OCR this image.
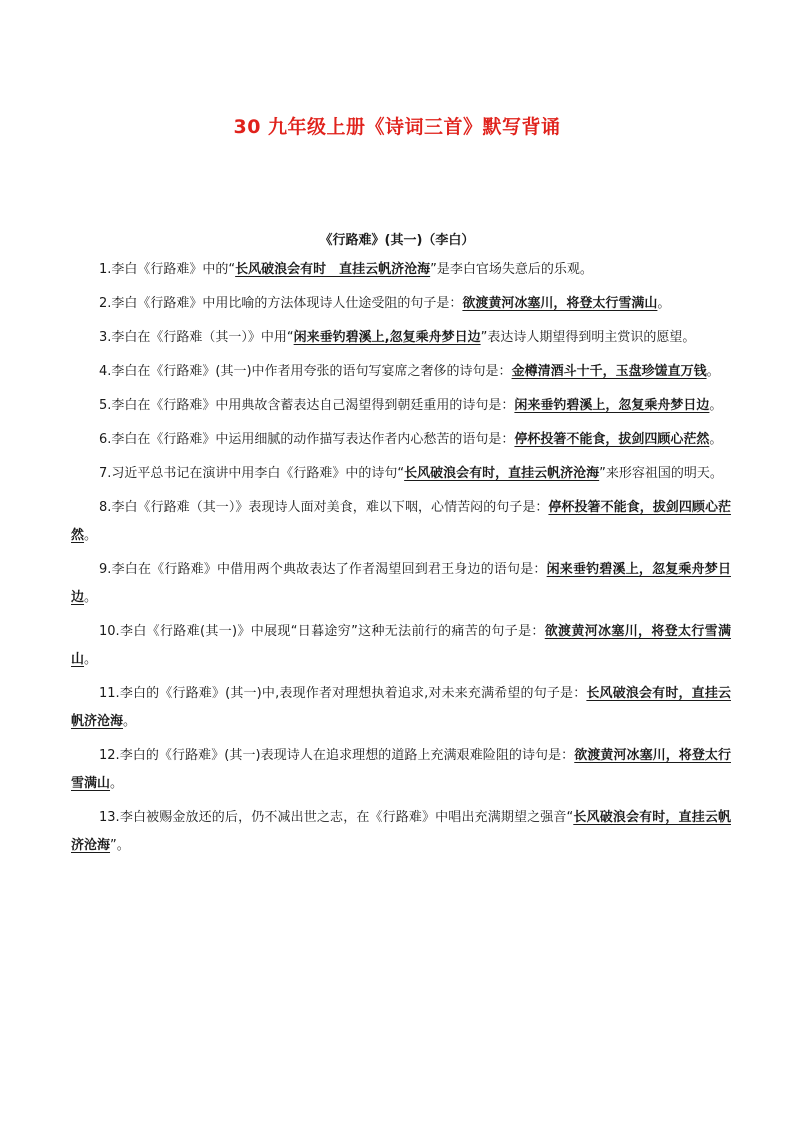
30 九年级上册《诗词三首》默写背诵
《行路难》(其一)（李白）
1.李白《行路难》中的“长风破浪会有时　直挂云帆济沧海”是李白官场失意后的乐观。
2.李白《行路难》中用比喻的方法体现诗人仕途受阻的句子是：欲渡黄河冰塞川，将登太行雪满山。
3.李白在《行路难（其一）》中用“闲来垂钓碧溪上,忽复乘舟梦日边”表达诗人期望得到明主赏识的愿望。
4.李白在《行路难》(其一)中作者用夸张的语句写宴席之奢侈的诗句是：金樽清酒斗十千，玉盘珍馐直万钱。
5.李白在《行路难》中用典故含蓄表达自己渴望得到朝廷重用的诗句是：闲来垂钓碧溪上，忽复乘舟梦日边。
6.李白在《行路难》中运用细腻的动作描写表达作者内心愁苦的语句是：停杯投箸不能食，拔剑四顾心茫然。
7.习近平总书记在演讲中用李白《行路难》中的诗句“长风破浪会有时，直挂云帆济沧海”来形容祖国的明天。
8.李白《行路难（其一）》表现诗人面对美食，难以下咽，心情苦闷的句子是：停杯投箸不能食，拔剑四顾心茫然。
9.李白在《行路难》中借用两个典故表达了作者渴望回到君王身边的语句是：闲来垂钓碧溪上，忽复乘舟梦日边。
10.李白《行路难(其一)》中展现“日暮途穷”这种无法前行的痛苦的句子是：欲渡黄河冰塞川，将登太行雪满山。
11.李白的《行路难》(其一)中,表现作者对理想执着追求,对未来充满希望的句子是：长风破浪会有时，直挂云帆济沧海。
12.李白的《行路难》(其一)表现诗人在追求理想的道路上充满艰难险阻的诗句是：欲渡黄河冰塞川，将登太行雪满山。
13.李白被赐金放还的后，仍不减出世之志，在《行路难》中唱出充满期望之强音“长风破浪会有时，直挂云帆济沧海”。
